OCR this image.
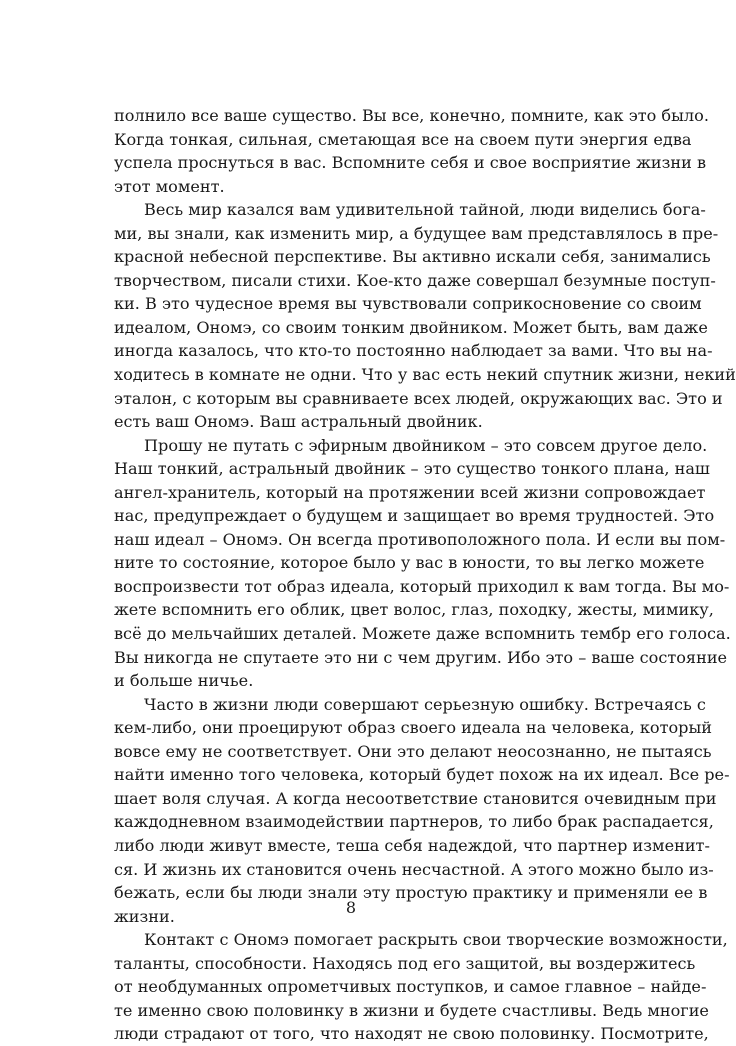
полнило все ваше существо. Вы все, конечно, помните, как это было.
Когда тонкая, сильная, сметающая все на своем пути энергия едва
успела проснуться в вас. Вспомните себя и свое восприятие жизни в
этот момент.
Весь мир казался вам удивительной тайной, люди виделись бога-
ми, вы знали, как изменить мир, а будущее вам представлялось в пре-
красной небесной перспективе. Вы активно искали себя, занимались
творчеством, писали стихи. Кое-кто даже совершал безумные поступ-
ки. В это чудесное время вы чувствовали соприкосновение со своим
идеалом, Ономэ, со своим тонким двойником. Может быть, вам даже
иногда казалось, что кто-то постоянно наблюдает за вами. Что вы на-
ходитесь в комнате не одни. Что у вас есть некий спутник жизни, некий
эталон, с которым вы сравниваете всех людей, окружающих вас. Это и
есть ваш Ономэ. Ваш астральный двойник.
Прошу не путать с эфирным двойником – это совсем другое дело.
Наш тонкий, астральный двойник – это существо тонкого плана, наш
ангел-хранитель, который на протяжении всей жизни сопровождает
нас, предупреждает о будущем и защищает во время трудностей. Это
наш идеал – Ономэ. Он всегда противоположного пола. И если вы пом-
ните то состояние, которое было у вас в юности, то вы легко можете
воспроизвести тот образ идеала, который приходил к вам тогда. Вы мо-
жете вспомнить его облик, цвет волос, глаз, походку, жесты, мимику,
всё до мельчайших деталей. Можете даже вспомнить тембр его голоса.
Вы никогда не спутаете это ни с чем другим. Ибо это – ваше состояние
и больше ничье.
Часто в жизни люди совершают серьезную ошибку. Встречаясь с
кем-либо, они проецируют образ своего идеала на человека, который
вовсе ему не соответствует. Они это делают неосознанно, не пытаясь
найти именно того человека, который будет похож на их идеал. Все ре-
шает воля случая. А когда несоответствие становится очевидным при
каждодневном взаимодействии партнеров, то либо брак распадается,
либо люди живут вместе, теша себя надеждой, что партнер изменит-
ся. И жизнь их становится очень несчастной. А этого можно было из-
бежать, если бы люди знали эту простую практику и применяли ее в
жизни.
Контакт с Ономэ помогает раскрыть свои творческие возможности,
таланты, способности. Находясь под его защитой, вы воздержитесь
от необдуманных опрометчивых поступков, и самое главное – найде-
те именно свою половинку в жизни и будете счастливы. Ведь многие
люди страдают от того, что находят не свою половинку. Посмотрите,
8
